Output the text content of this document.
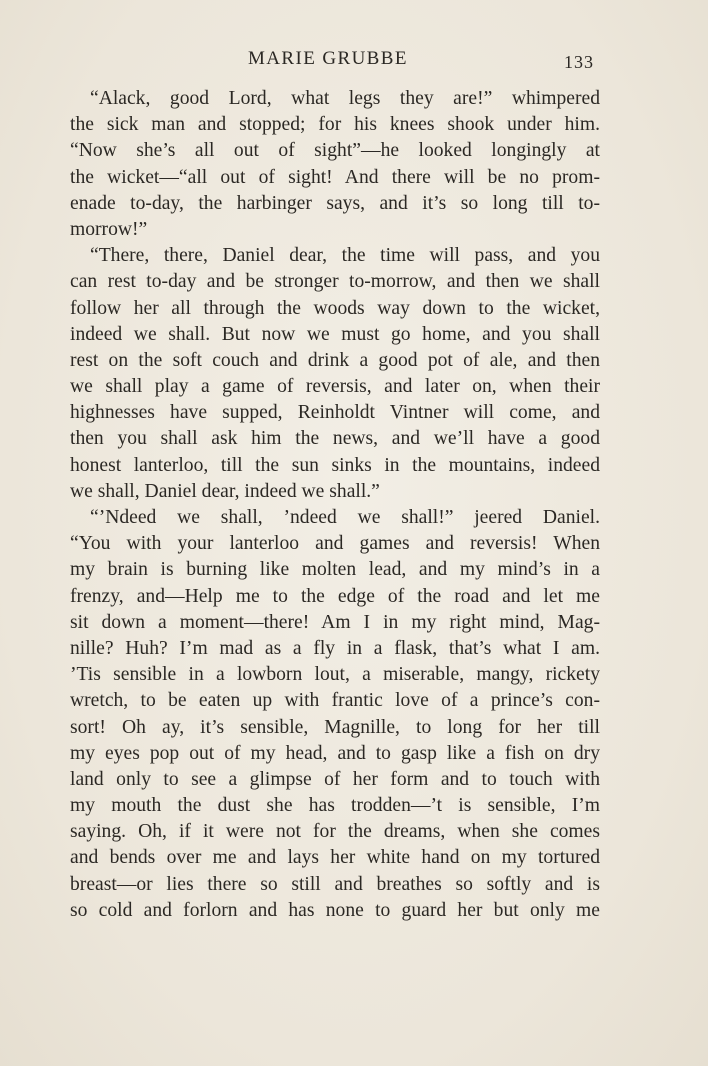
MARIE GRUBBE	133
“Alack, good Lord, what legs they are!” whimpered
the sick man and stopped; for his knees shook under him.
“Now she’s all out of sight”—he looked longingly at
the wicket—“all out of sight! And there will be no prom-
enade to-day, the harbinger says, and it’s so long till to-
morrow!”
“There, there, Daniel dear, the time will pass, and you
can rest to-day and be stronger to-morrow, and then we shall
follow her all through the woods way down to the wicket,
indeed we shall. But now we must go home, and you shall
rest on the soft couch and drink a good pot of ale, and then
we shall play a game of reversis, and later on, when their
highnesses have supped, Reinholdt Vintner will come, and
then you shall ask him the news, and we’ll have a good
honest lanterloo, till the sun sinks in the mountains, indeed
we shall, Daniel dear, indeed we shall.”
“’Ndeed we shall, ’ndeed we shall!” jeered Daniel.
“You with your lanterloo and games and reversis! When
my brain is burning like molten lead, and my mind’s in a
frenzy, and—Help me to the edge of the road and let me
sit down a moment—there! Am I in my right mind, Mag-
nille? Huh? I’m mad as a fly in a flask, that’s what I am.
’Tis sensible in a lowborn lout, a miserable, mangy, rickety
wretch, to be eaten up with frantic love of a prince’s con-
sort! Oh ay, it’s sensible, Magnille, to long for her till
my eyes pop out of my head, and to gasp like a fish on dry
land only to see a glimpse of her form and to touch with
my mouth the dust she has trodden—’t is sensible, I’m
saying. Oh, if it were not for the dreams, when she comes
and bends over me and lays her white hand on my tortured
breast—or lies there so still and breathes so softly and is
so cold and forlorn and has none to guard her but only me
